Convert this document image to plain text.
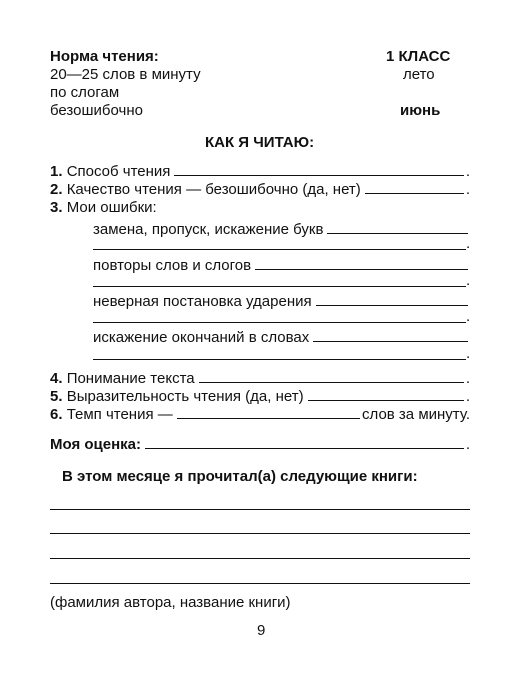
Норма чтения:
20—25 слов в минуту
по слогам
безошибочно
1 КЛАСС
лето
июнь
КАК Я ЧИТАЮ:
1.
Способ чтения	.
2.
Качество чтения — безошибочно (да, нет)	.
3.
Мои ошибки:
замена, пропуск, искажение букв
.
повторы слов и слогов
.
неверная постановка ударения
.
искажение окончаний в словах
.
4.
Понимание текста	.
5.
Выразительность чтения (да, нет)	.
6.
Темп чтения —	слов за минуту.
Моя оценка:	.
В этом месяце я прочитал(а) следующие книги:
(фамилия автора, название книги)
9
